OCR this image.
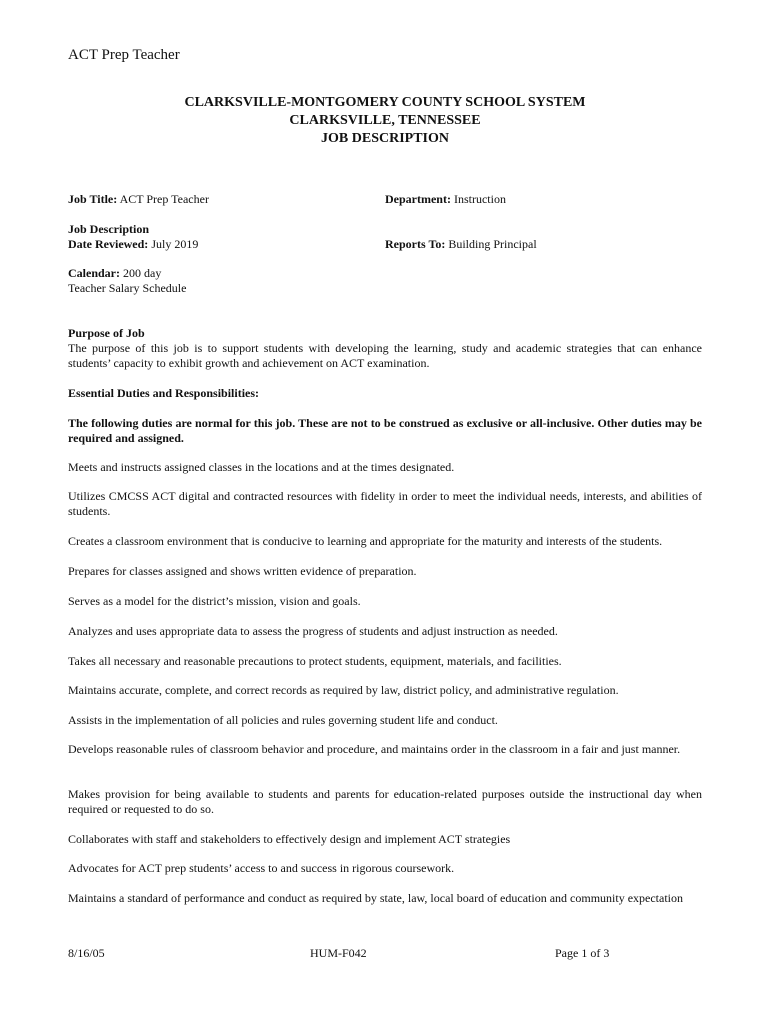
ACT Prep Teacher
CLARKSVILLE-MONTGOMERY COUNTY SCHOOL SYSTEM
CLARKSVILLE, TENNESSEE
JOB DESCRIPTION
Job Title: ACT Prep Teacher	Department: Instruction
Job Description
Date Reviewed: July 2019	Reports To: Building Principal
Calendar: 200 day
Teacher Salary Schedule
Purpose of Job
The purpose of this job is to support students with developing the learning, study and academic strategies that can enhance students’ capacity to exhibit growth and achievement on ACT examination.
Essential Duties and Responsibilities:
The following duties are normal for this job. These are not to be construed as exclusive or all-inclusive. Other duties may be required and assigned.
Meets and instructs assigned classes in the locations and at the times designated.
Utilizes CMCSS ACT digital and contracted resources with fidelity in order to meet the individual needs, interests, and abilities of students.
Creates a classroom environment that is conducive to learning and appropriate for the maturity and interests of the students.
Prepares for classes assigned and shows written evidence of preparation.
Serves as a model for the district’s mission, vision and goals.
Analyzes and uses appropriate data to assess the progress of students and adjust instruction as needed.
Takes all necessary and reasonable precautions to protect students, equipment, materials, and facilities.
Maintains accurate, complete, and correct records as required by law, district policy, and administrative regulation.
Assists in the implementation of all policies and rules governing student life and conduct.
Develops reasonable rules of classroom behavior and procedure, and maintains order in the classroom in a fair and just manner.
Makes provision for being available to students and parents for education-related purposes outside the instructional day when required or requested to do so.
Collaborates with staff and stakeholders to effectively design and implement ACT strategies
Advocates for ACT prep students’ access to and success in rigorous coursework.
Maintains a standard of performance and conduct as required by state, law, local board of education and community expectation
8/16/05	HUM-F042	Page 1 of 3
